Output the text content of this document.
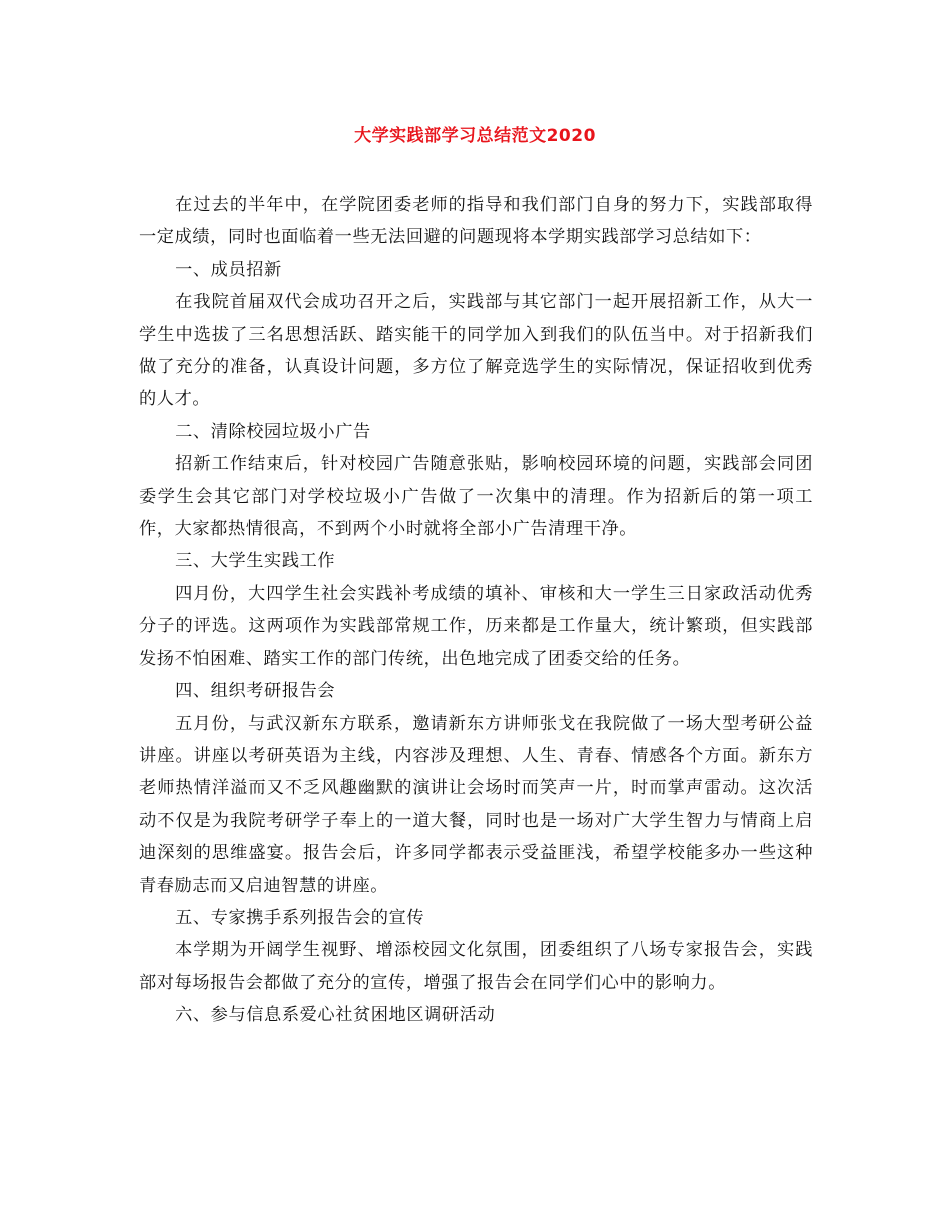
大学实践部学习总结范文2020

在过去的半年中，在学院团委老师的指导和我们部门自身的努力下，实践部取得一定成绩，同时也面临着一些无法回避的问题现将本学期实践部学习总结如下：

一、成员招新

在我院首届双代会成功召开之后，实践部与其它部门一起开展招新工作，从大一学生中选拔了三名思想活跃、踏实能干的同学加入到我们的队伍当中。对于招新我们做了充分的准备，认真设计问题，多方位了解竞选学生的实际情况，保证招收到优秀的人才。

二、清除校园垃圾小广告

招新工作结束后，针对校园广告随意张贴，影响校园环境的问题，实践部会同团委学生会其它部门对学校垃圾小广告做了一次集中的清理。作为招新后的第一项工作，大家都热情很高，不到两个小时就将全部小广告清理干净。

三、大学生实践工作

四月份，大四学生社会实践补考成绩的填补、审核和大一学生三日家政活动优秀分子的评选。这两项作为实践部常规工作，历来都是工作量大，统计繁琐，但实践部发扬不怕困难、踏实工作的部门传统，出色地完成了团委交给的任务。

四、组织考研报告会

五月份，与武汉新东方联系，邀请新东方讲师张戈在我院做了一场大型考研公益讲座。讲座以考研英语为主线，内容涉及理想、人生、青春、情感各个方面。新东方老师热情洋溢而又不乏风趣幽默的演讲让会场时而笑声一片，时而掌声雷动。这次活动不仅是为我院考研学子奉上的一道大餐，同时也是一场对广大学生智力与情商上启迪深刻的思维盛宴。报告会后，许多同学都表示受益匪浅，希望学校能多办一些这种青春励志而又启迪智慧的讲座。

五、专家携手系列报告会的宣传

本学期为开阔学生视野、增添校园文化氛围，团委组织了八场专家报告会，实践部对每场报告会都做了充分的宣传，增强了报告会在同学们心中的影响力。

六、参与信息系爱心社贫困地区调研活动
